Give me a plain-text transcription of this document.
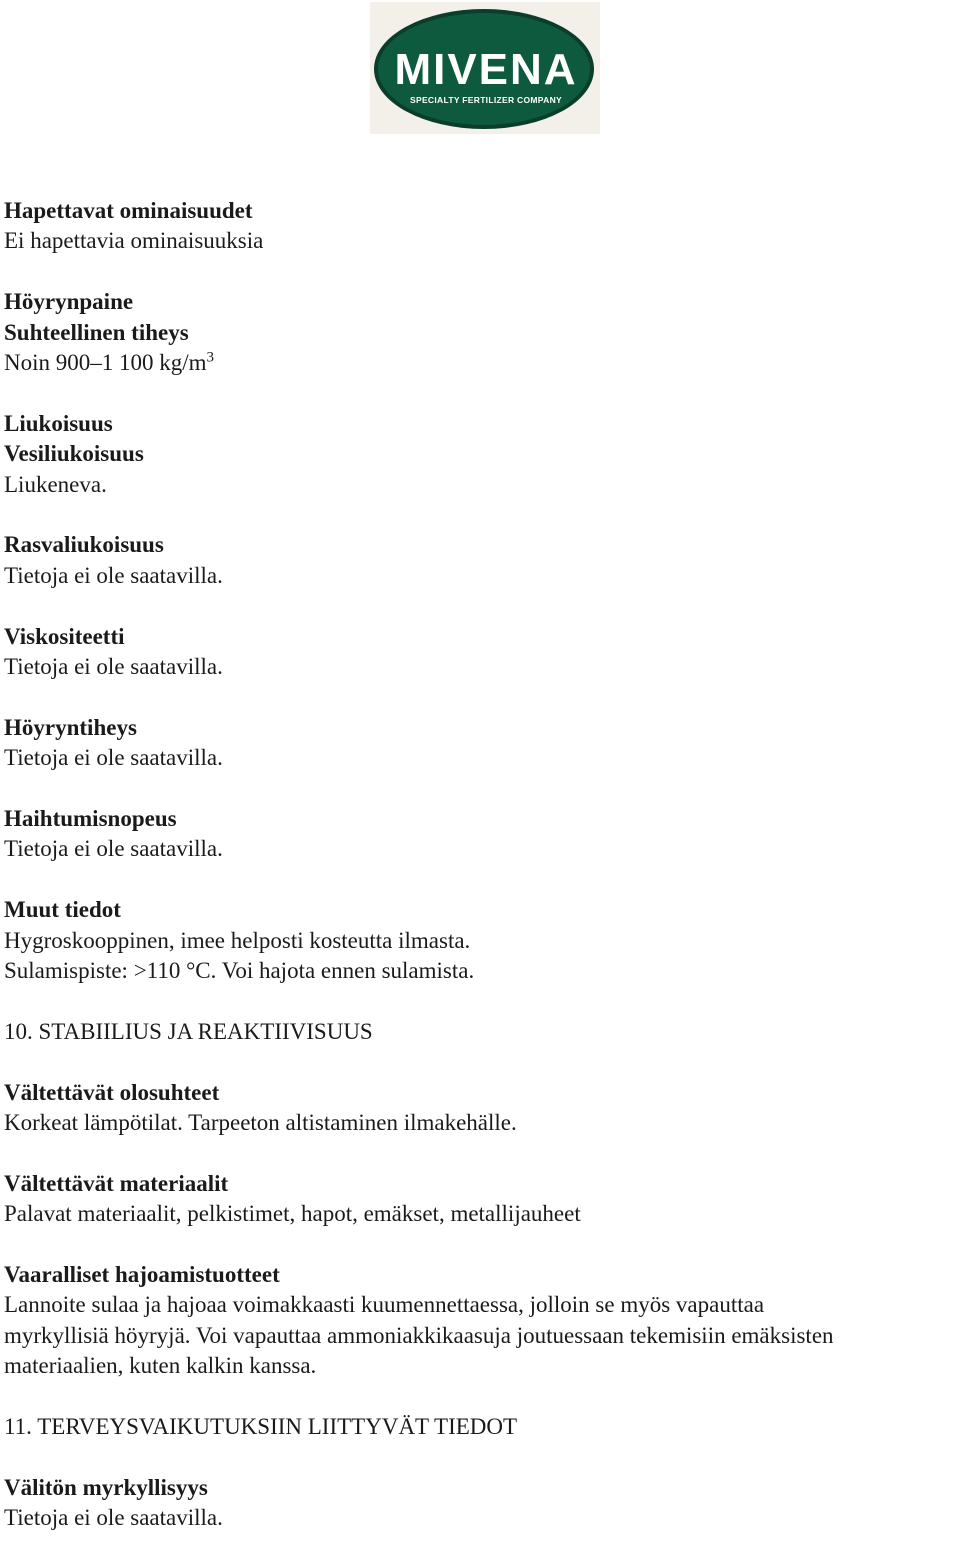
MIVENA
SPECIALTY FERTILIZER COMPANY
Hapettavat ominaisuudet
Ei hapettavia ominaisuuksia
Höyrynpaine
Suhteellinen tiheys
Noin 900–1 100 $kg/m^3$
Liukoisuus
Vesiliukoisuus
Liukeneva.
Rasvaliukoisuus
Tietoja ei ole saatavilla.
Viskositeetti
Tietoja ei ole saatavilla.
Höyryntiheys
Tietoja ei ole saatavilla.
Haihtumisnopeus
Tietoja ei ole saatavilla.
Muut tiedot
Hygroskooppinen, imee helposti kosteutta ilmasta.
Sulamispiste: >110 °C. Voi hajota ennen sulamista.
10. STABIILIUS JA REAKTIIVISUUS
Vältettävät olosuhteet
Korkeat lämpötilat. Tarpeeton altistaminen ilmakehälle.
Vältettävät materiaalit
Palavat materiaalit, pelkistimet, hapot, emäkset, metallijauheet
Vaaralliset hajoamistuotteet
Lannoite sulaa ja hajoaa voimakkaasti kuumennettaessa, jolloin se myös vapauttaa
myrkyllisiä höyryjä. Voi vapauttaa ammoniakkikaasuja joutuessaan tekemisiin emäksisten
materiaalien, kuten kalkin kanssa.
11. TERVEYSVAIKUTUKSIIN LIITTYVÄT TIEDOT
Välitön myrkyllisyys
Tietoja ei ole saatavilla.
